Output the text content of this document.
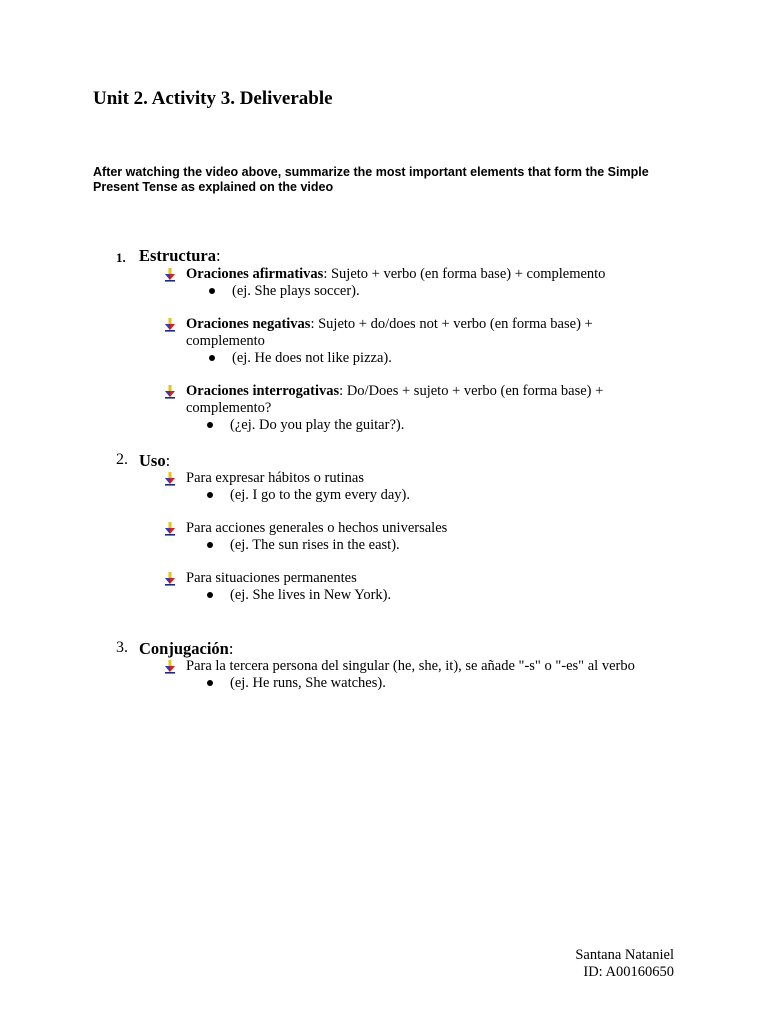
Unit 2. Activity 3. Deliverable
After watching the video above, summarize the most important elements that form the Simple Present Tense as explained on the video
1. Estructura:
Oraciones afirmativas: Sujeto + verbo (en forma base) + complemento
(ej. She plays soccer).
Oraciones negativas: Sujeto + do/does not + verbo (en forma base) + complemento
(ej. He does not like pizza).
Oraciones interrogativas: Do/Does + sujeto + verbo (en forma base) + complemento?
(¿ej. Do you play the guitar?).
2. Uso:
Para expresar hábitos o rutinas
(ej. I go to the gym every day).
Para acciones generales o hechos universales
(ej. The sun rises in the east).
Para situaciones permanentes
(ej. She lives in New York).
3. Conjugación:
Para la tercera persona del singular (he, she, it), se añade "-s" o "-es" al verbo
(ej. He runs, She watches).
Santana Nataniel
ID: A00160650
